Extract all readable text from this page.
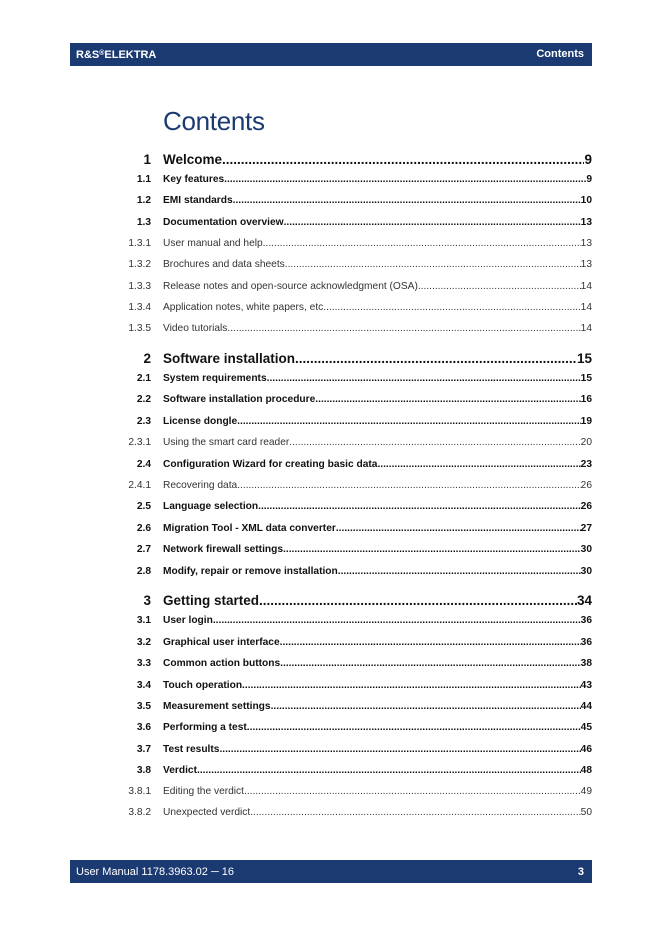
R&S®ELEKTRA	Contents
Contents
1 Welcome .....	9
1.1 Key features .....	9
1.2 EMI standards .....	10
1.3 Documentation overview .....	13
1.3.1 User manual and help .....	13
1.3.2 Brochures and data sheets .....	13
1.3.3 Release notes and open-source acknowledgment (OSA) .....	14
1.3.4 Application notes, white papers, etc. .....	14
1.3.5 Video tutorials .....	14
2 Software installation .....	15
2.1 System requirements .....	15
2.2 Software installation procedure .....	16
2.3 License dongle .....	19
2.3.1 Using the smart card reader .....	20
2.4 Configuration Wizard for creating basic data .....	23
2.4.1 Recovering data .....	26
2.5 Language selection .....	26
2.6 Migration Tool - XML data converter .....	27
2.7 Network firewall settings .....	30
2.8 Modify, repair or remove installation .....	30
3 Getting started .....	34
3.1 User login .....	36
3.2 Graphical user interface .....	36
3.3 Common action buttons .....	38
3.4 Touch operation .....	43
3.5 Measurement settings .....	44
3.6 Performing a test .....	45
3.7 Test results .....	46
3.8 Verdict .....	48
3.8.1 Editing the verdict .....	49
3.8.2 Unexpected verdict .....	50
User Manual 1178.3963.02 ─ 16	3
